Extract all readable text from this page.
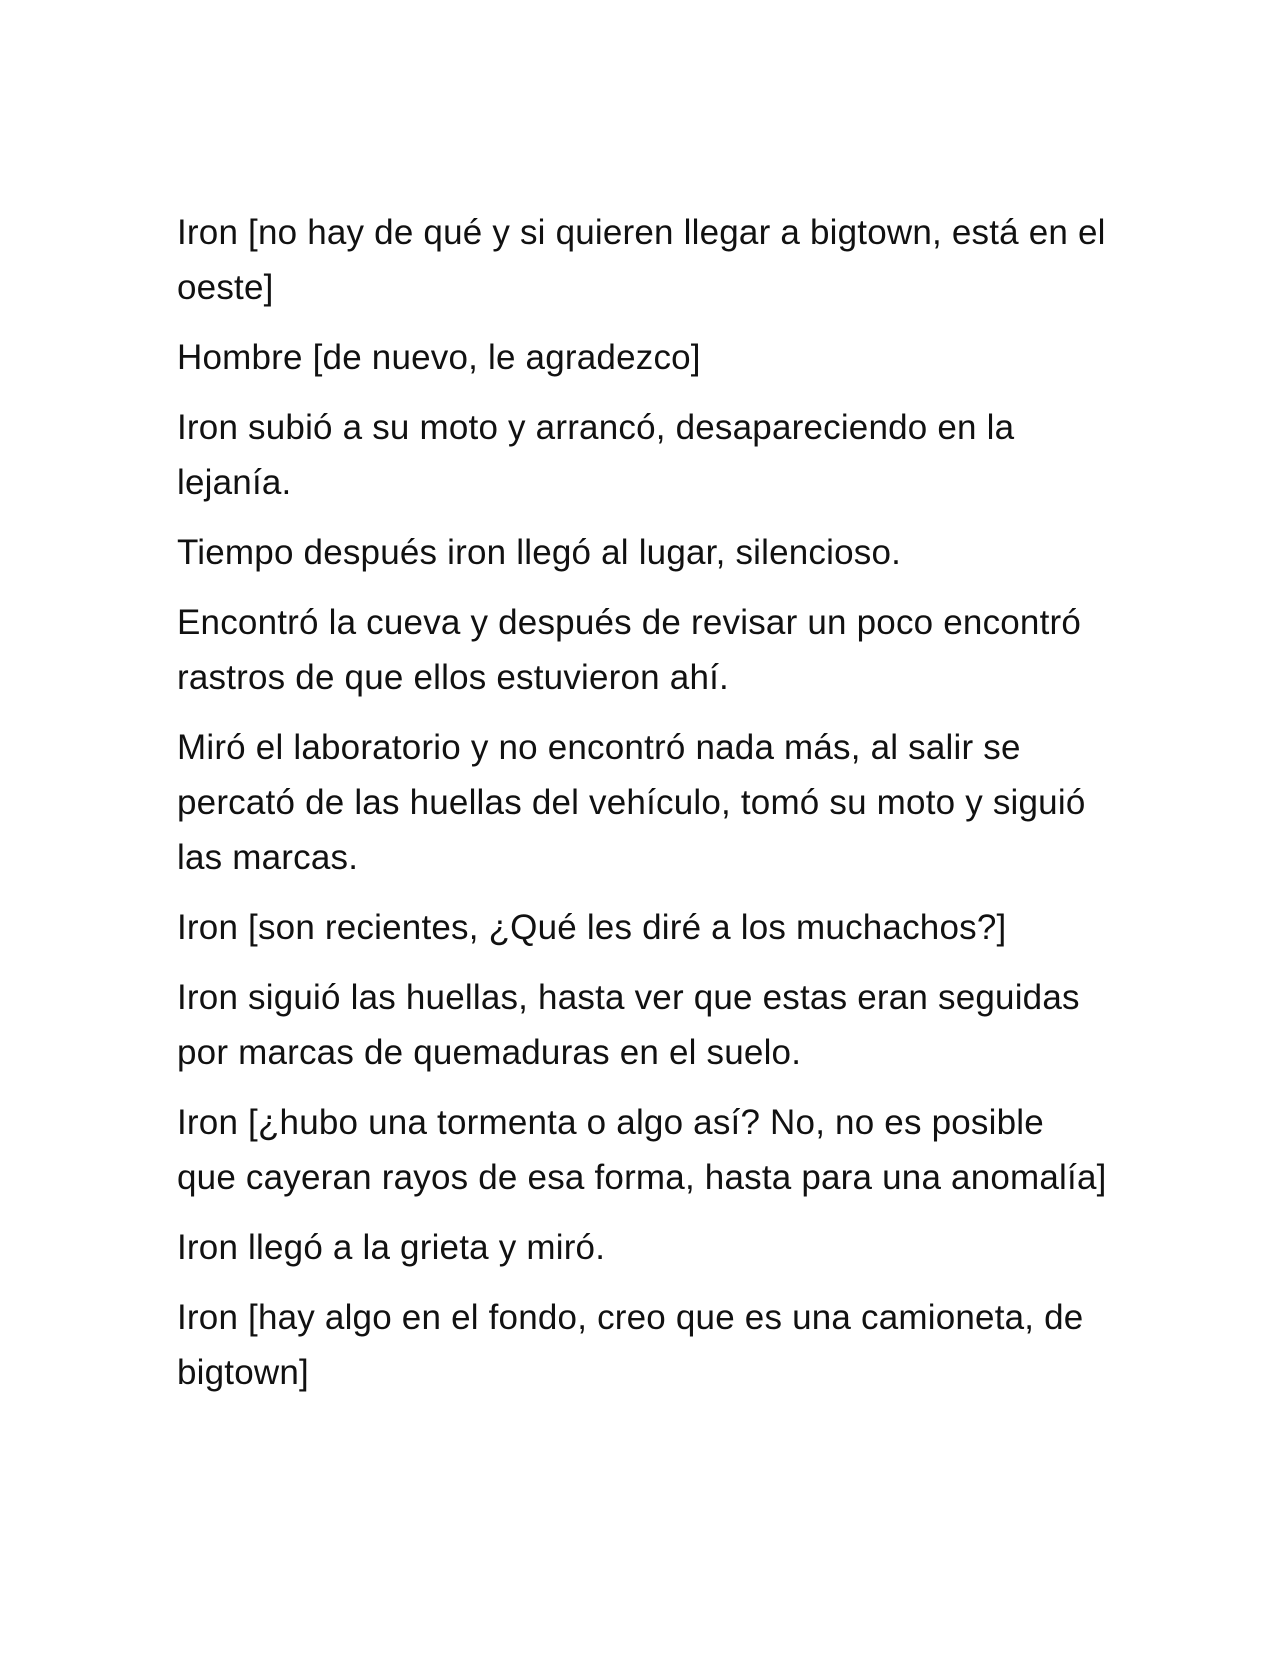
Iron [no hay de qué y si quieren llegar a bigtown, está en el oeste]

Hombre [de nuevo, le agradezco]

Iron subió a su moto y arrancó, desapareciendo en la lejanía.

Tiempo después iron llegó al lugar, silencioso.

Encontró la cueva y después de revisar un poco encontró rastros de que ellos estuvieron ahí.

Miró el laboratorio y no encontró nada más, al salir se percató de las huellas del vehículo, tomó su moto y siguió las marcas.

Iron [son recientes, ¿Qué les diré a los muchachos?]

Iron siguió las huellas, hasta ver que estas eran seguidas por marcas de quemaduras en el suelo.

Iron [¿hubo una tormenta o algo así? No, no es posible que cayeran rayos de esa forma, hasta para una anomalía]

Iron llegó a la grieta y miró.

Iron [hay algo en el fondo, creo que es una camioneta, de bigtown]
